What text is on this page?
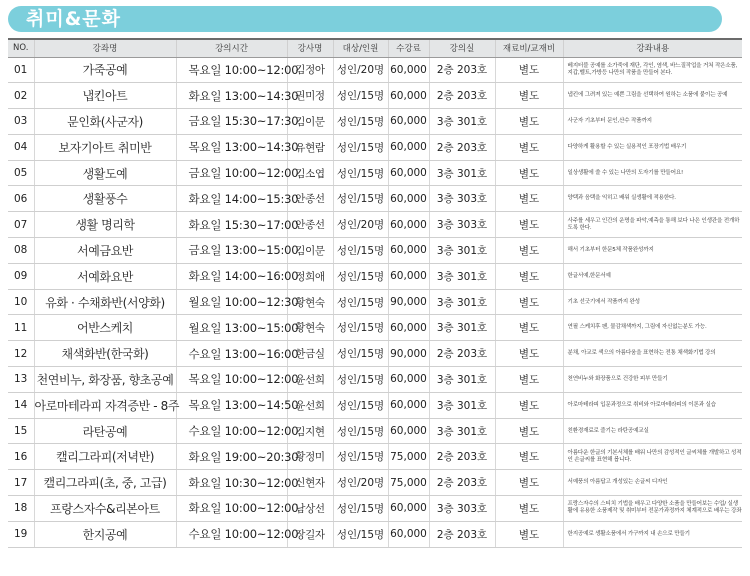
취미&문화
NO.	강좌명	강의시간	강사명	대상/인원	수강료	강의실	재료비/교재비	강좌내용
01	가죽공예	목요일 10:00~12:00	김정아	성인/20명	60,000	2층 203호	별도	베지터블 공예를 소가죽에 재단, 각인, 염색, 바느질작업을 거쳐 작은소품, 지갑,벨트,가방등 나만의 작품을 만들어 본다.
02	냅킨아트	화요일 13:00~14:30	권미정	성인/15명	60,000	2층 203호	별도	냅킨에 그려져 있는 예쁜 그림을 선택하여 원하는 소품에 붙이는 공예
03	문인화(사군자)	금요일 15:30~17:30	김이문	성인/15명	60,000	3층 301호	별도	사군자 기초부터 문인,산수 작품까지
04	보자기아트 취미반	목요일 13:00~14:30	유현람	성인/15명	60,000	2층 203호	별도	다양하게 활용할 수 있는 실용적인 포장기법 배우기
05	생활도예	금요일 10:00~12:00	김소엽	성인/15명	60,000	3층 301호	별도	일상생활에 쓸 수 있는 나만의 도자기를 만들어요!
06	생활풍수	화요일 14:00~15:30	안종선	성인/15명	60,000	3층 303호	별도	양택과 음택을 익히고 배워 실생활에 적용한다.
07	생활 명리학	화요일 15:30~17:00	안종선	성인/20명	60,000	3층 303호	별도	사주를 세우고 인간의 운명을 파악,예측을 통해 보다 나은 인생관을 전개하도록 한다.
08	서예금요반	금요일 13:00~15:00	김이문	성인/15명	60,000	3층 301호	별도	해서 기초부터 한문5체 작품완성까지
09	서예화요반	화요일 14:00~16:00	정희애	성인/15명	60,000	3층 301호	별도	한글서예,한문서예
10	유화 · 수채화반(서양화)	월요일 10:00~12:30	황현숙	성인/15명	90,000	3층 301호	별도	기초 선긋기에서 작품까지 완성
11	어반스케치	월요일 13:00~15:00	황현숙	성인/15명	60,000	3층 301호	별도	연필 스케치후 펜, 물감채색까지, 그림에 자신없는분도 가능.
12	채색화반(한국화)	수요일 13:00~16:00	한금실	성인/15명	90,000	2층 203호	별도	분채, 아교로 색으의 아름다움을 표현하는 전통 채색화기법 강의
13	천연비누, 화장품, 향초공예	목요일 10:00~12:00	윤선희	성인/15명	60,000	3층 301호	별도	천연비누와 화장품으로 건강한 피부 만들기
14	아로마테라피 자격증반 - 8주	목요일 13:00~14:50	윤선희	성인/15명	60,000	3층 301호	별도	아로마테라피 입문과정으로 취비와 아로마테라피의 이론과 실습
15	라탄공예	수요일 10:00~12:00	김지현	성인/15명	60,000	3층 301호	별도	친환경재료로 즐기는 라탄공예교실
16	캘리그라피(저녁반)	화요일 19:00~20:30	황정미	성인/15명	75,000	2층 203호	별도	아름다운 한글의 기본서체를 배워 나만의 감성적인 글씨체를 개발하고 성적인 손글씨를 표현해 봅니다.
17	캘리그라피(초, 중, 고급)	화요일 10:30~12:00	신현자	성인/20명	75,000	2층 203호	별도	서예풍의 아름답고 개성있는 손글씨 디자인
18	프랑스자수&리본아트	화요일 10:00~12:00	남상선	성인/15명	60,000	3층 303호	별도	프랑스자수의 스티치 기법을 배우고 다양한 소품을 만들어보는 수업/ 실생활에 유용한 소품제작 및 취미부터 전문가과정까지 체계적으로 배우는 강좌
19	한지공예	수요일 10:00~12:00	장길자	성인/15명	60,000	2층 203호	별도	한지공예로 생활소품에서 가구까지 내 손으로 만들기
